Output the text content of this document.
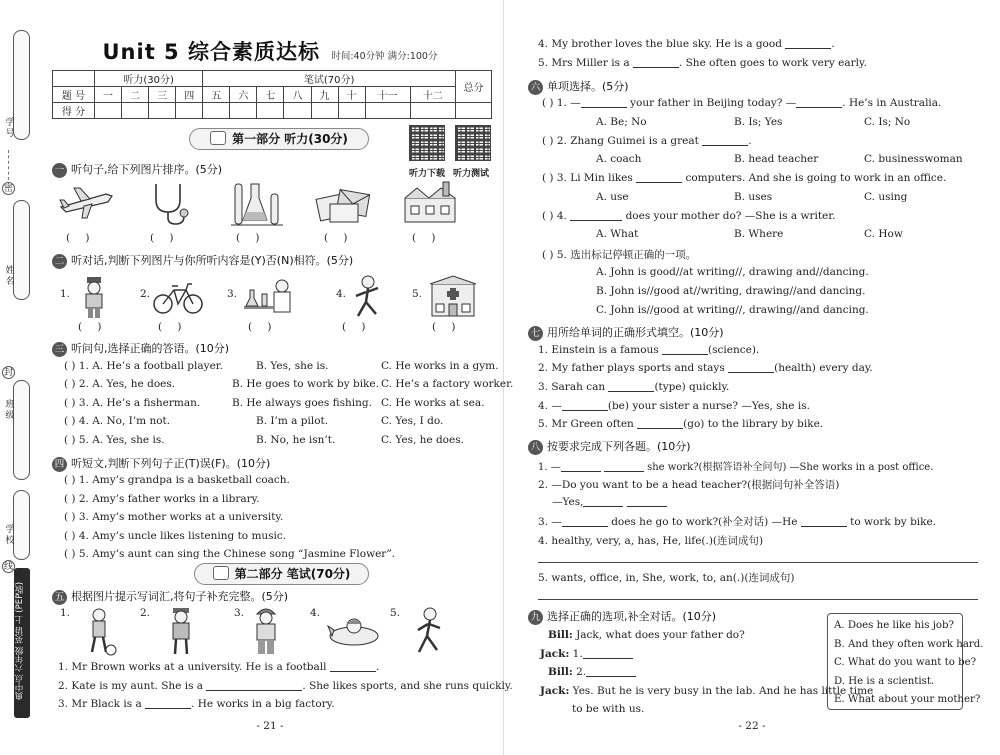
学号
密
姓名
封
班级
学校
线
典中点 六年级 英语 上 (PEP版)
Unit 5 综合素质达标 时间:40分钟 满分:100分
	听力(30分)				笔试(70分)								总分
题 号	一	二	三	四	五	六	七	八	九	十	十一	十二	
得 分													
第一部分 听力(30分)
听力下载 听力测试
一 听句子,给下列图片排序。(5分)
( )	( )	( )	( )	( )
二 听对话,判断下列图片与你所听内容是(Y)否(N)相符。(5分)
1.	2.	3.	4.	5.
( )	( )	( )	( )	( )
三 听问句,选择正确的答语。(10分)
( ) 1. A. He’s a football player.	B. Yes, she is.	C. He works in a gym.
( ) 2. A. Yes, he does.	B. He goes to work by bike. C. He’s a factory worker.
( ) 3. A. He’s a fisherman.	B. He always goes fishing. C. He works at sea.
( ) 4. A. No, I’m not.	B. I’m a pilot.	C. Yes, I do.
( ) 5. A. Yes, she is.	B. No, he isn’t.	C. Yes, he does.
四 听短文,判断下列句子正(T)误(F)。(10分)
( ) 1. Amy’s grandpa is a basketball coach.
( ) 2. Amy’s father works in a library.
( ) 3. Amy’s mother works at a university.
( ) 4. Amy’s uncle likes listening to music.
( ) 5. Amy’s aunt can sing the Chinese song “Jasmine Flower”.
第二部分 笔试(70分)
五 根据图片提示写词汇,将句子补充完整。(5分)
1.	2.	3.	4.	5.
1. Mr Brown works at a university. He is a football	.
2. Kate is my aunt. She is a	. She likes sports, and she runs quickly.
3. Mr Black is a	. He works in a big factory.
- 21 -
4. My brother loves the blue sky. He is a good	.
5. Mrs Miller is a	. She often goes to work very early.
六 单项选择。(5分)
( ) 1. —	your father in Beijing today? —	. He’s in Australia.
A. Be; No	B. Is; Yes	C. Is; No
( ) 2. Zhang Guimei is a great	.
A. coach	B. head teacher	C. businesswoman
( ) 3. Li Min likes	computers. And she is going to work in an office.
A. use	B. uses	C. using
( ) 4.	does your mother do? —She is a writer.
A. What	B. Where	C. How
( ) 5. 选出标记停顿正确的一项。
A. John is good//at writing//, drawing and//dancing.
B. John is//good at//writing, drawing//and dancing.
C. John is//good at writing//, drawing//and dancing.
七 用所给单词的正确形式填空。(10分)
1. Einstein is a famous	(science).
2. My father plays sports and stays	(health) every day.
3. Sarah can	(type) quickly.
4. —	(be) your sister a nurse? —Yes, she is.
5. Mr Green often	(go) to the library by bike.
八 按要求完成下列各题。(10分)
1. —	she work?(根据答语补全问句) —She works in a post office.
2. —Do you want to be a head teacher?(根据问句补全答语)
—Yes,
3. —	does he go to work?(补全对话) —He	to work by bike.
4. healthy, very, a, has, He, life(.)(连词成句)
5. wants, office, in, She, work, to, an(.)(连词成句)
九 选择正确的选项,补全对话。(10分)
Bill: Jack, what does your father do?
Jack: 1.
Bill: 2.
Jack: Yes. But he is very busy in the lab. And he has little time
to be with us.
A. Does he like his job?
B. And they often work hard.
C. What do you want to be?
D. He is a scientist.
E. What about your mother?
- 22 -
